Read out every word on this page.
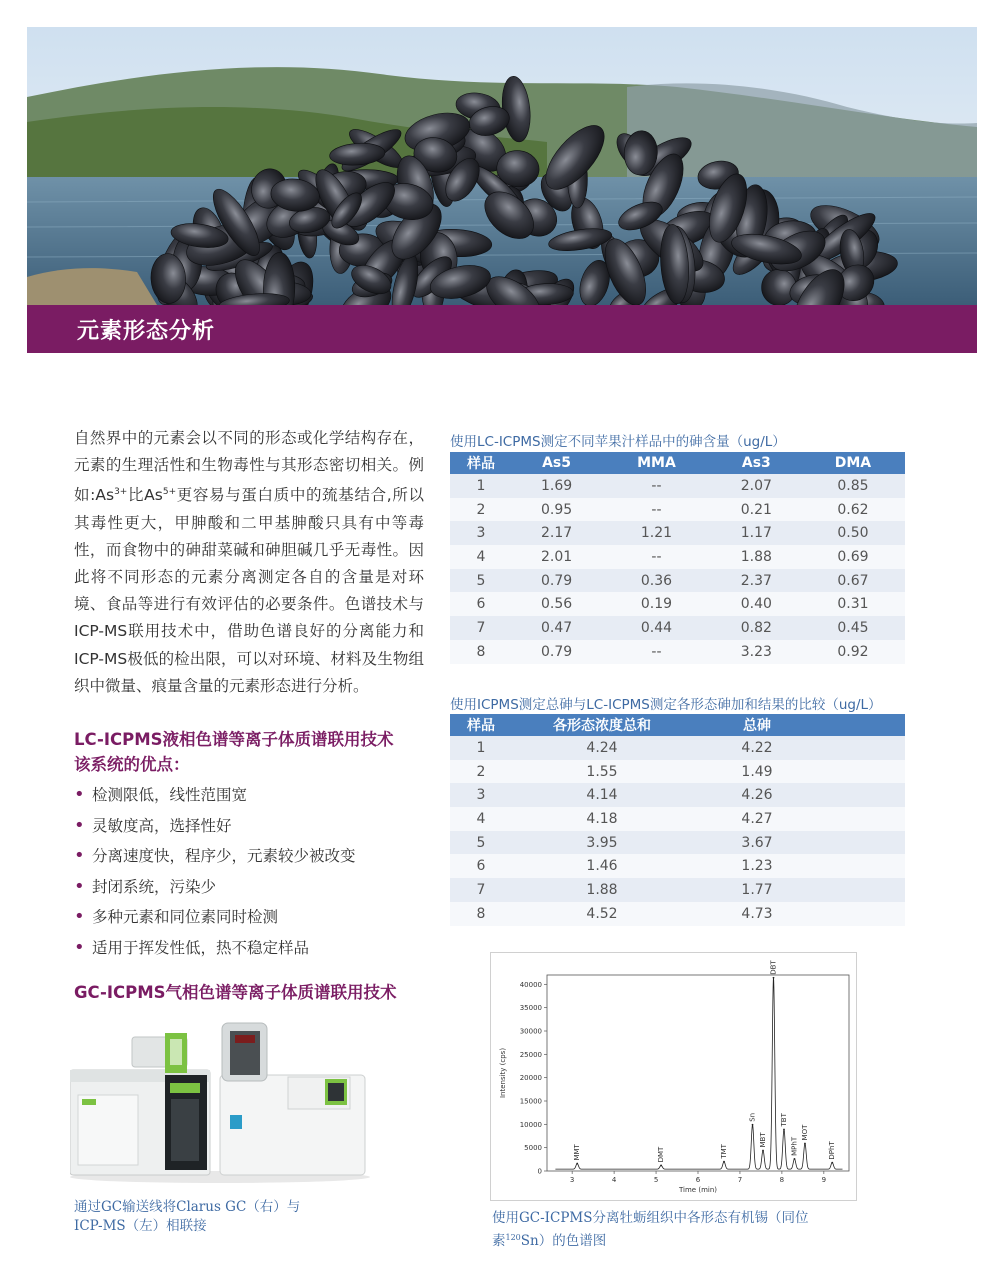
元素形态分析
自然界中的元素会以不同的形态或化学结构存在，元素的生理活性和生物毒性与其形态密切相关。例如$:As^{3+}$比$As^{5+}$更容易与蛋白质中的巯基结合,所以其毒性更大，甲胂酸和二甲基胂酸只具有中等毒性，而食物中的砷甜菜碱和砷胆碱几乎无毒性。因此将不同形态的元素分离测定各自的含量是对环境、食品等进行有效评估的必要条件。色谱技术与ICP-MS联用技术中，借助色谱良好的分离能力和ICP-MS极低的检出限，可以对环境、材料及生物组织中微量、痕量含量的元素形态进行分析。
LC-ICPMS液相色谱等离子体质谱联用技术
该系统的优点：
• 检测限低，线性范围宽
• 灵敏度高，选择性好
• 分离速度快，程序少，元素较少被改变
• 封闭系统，污染少
• 多种元素和同位素同时检测
• 适用于挥发性低，热不稳定样品
GC-ICPMS气相色谱等离子体质谱联用技术
通过GC输送线将Clarus GC（右）与
ICP-MS（左）相联接
使用LC-ICPMS测定不同苹果汁样品中的砷含量（ug/L）
样品	As5	MMA	As3	DMA
1	1.69	--	2.07	0.85
2	0.95	--	0.21	0.62
3	2.17	1.21	1.17	0.50
4	2.01	--	1.88	0.69
5	0.79	0.36	2.37	0.67
6	0.56	0.19	0.40	0.31
7	0.47	0.44	0.82	0.45
8	0.79	--	3.23	0.92
使用ICPMS测定总砷与LC-ICPMS测定各形态砷加和结果的比较（ug/L）
样品	各形态浓度总和	总砷	
1	4.24	4.22	
2	1.55	1.49	
3	4.14	4.26	
4	4.18	4.27	
5	3.95	3.67	
6	1.46	1.23	
7	1.88	1.77	
8	4.52	4.73	
0
5000
10000
15000
20000
25000
30000
35000
40000
3	4	5	6	7	8	9
Time (min)
Intensity (cps)
MMT	DMT	TMT
Sn
MBT
DBT
TBT
MPhT
MOT
DPhT
使用GC-ICPMS分离牡蛎组织中各形态有机锡（同位
素$^{120}$Sn）的色谱图
